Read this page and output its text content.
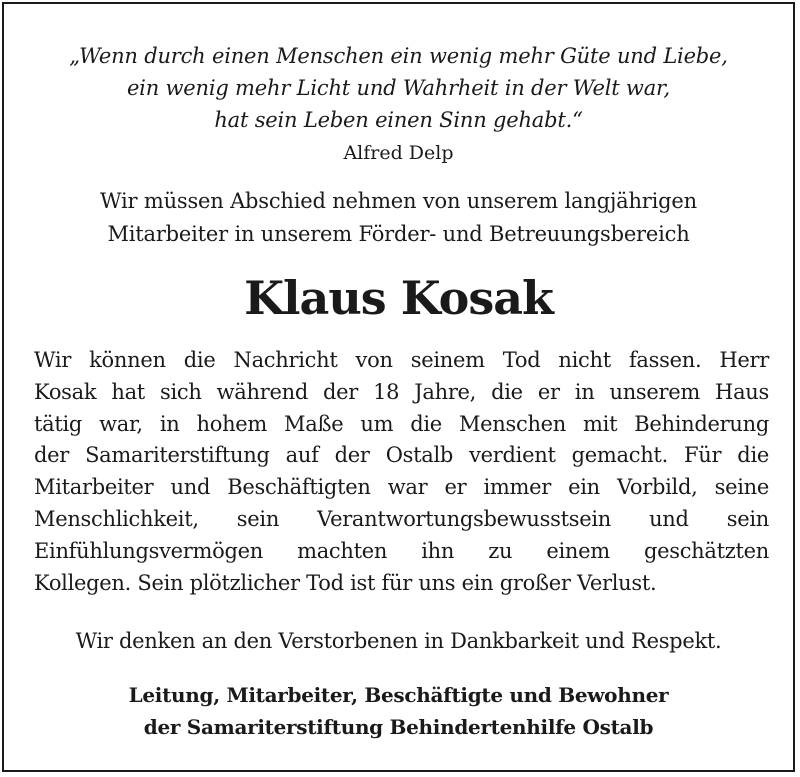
„Wenn durch einen Menschen ein wenig mehr Güte und Liebe,
ein wenig mehr Licht und Wahrheit in der Welt war,
hat sein Leben einen Sinn gehabt.“
Alfred Delp
Wir müssen Abschied nehmen von unserem langjährigen
Mitarbeiter in unserem Förder- und Betreuungsbereich
Klaus Kosak
Wir können die Nachricht von seinem Tod nicht fassen. Herr
Kosak hat sich während der 18 Jahre, die er in unserem Haus
tätig war, in hohem Maße um die Menschen mit Behinderung
der Samariterstiftung auf der Ostalb verdient gemacht. Für die
Mitarbeiter und Beschäftigten war er immer ein Vorbild, seine
Menschlichkeit, sein Verantwortungsbewusstsein und sein
Einfühlungsvermögen machten ihn zu einem geschätzten
Kollegen. Sein plötzlicher Tod ist für uns ein großer Verlust.
Wir denken an den Verstorbenen in Dankbarkeit und Respekt.
Leitung, Mitarbeiter, Beschäftigte und Bewohner
der Samariterstiftung Behindertenhilfe Ostalb
